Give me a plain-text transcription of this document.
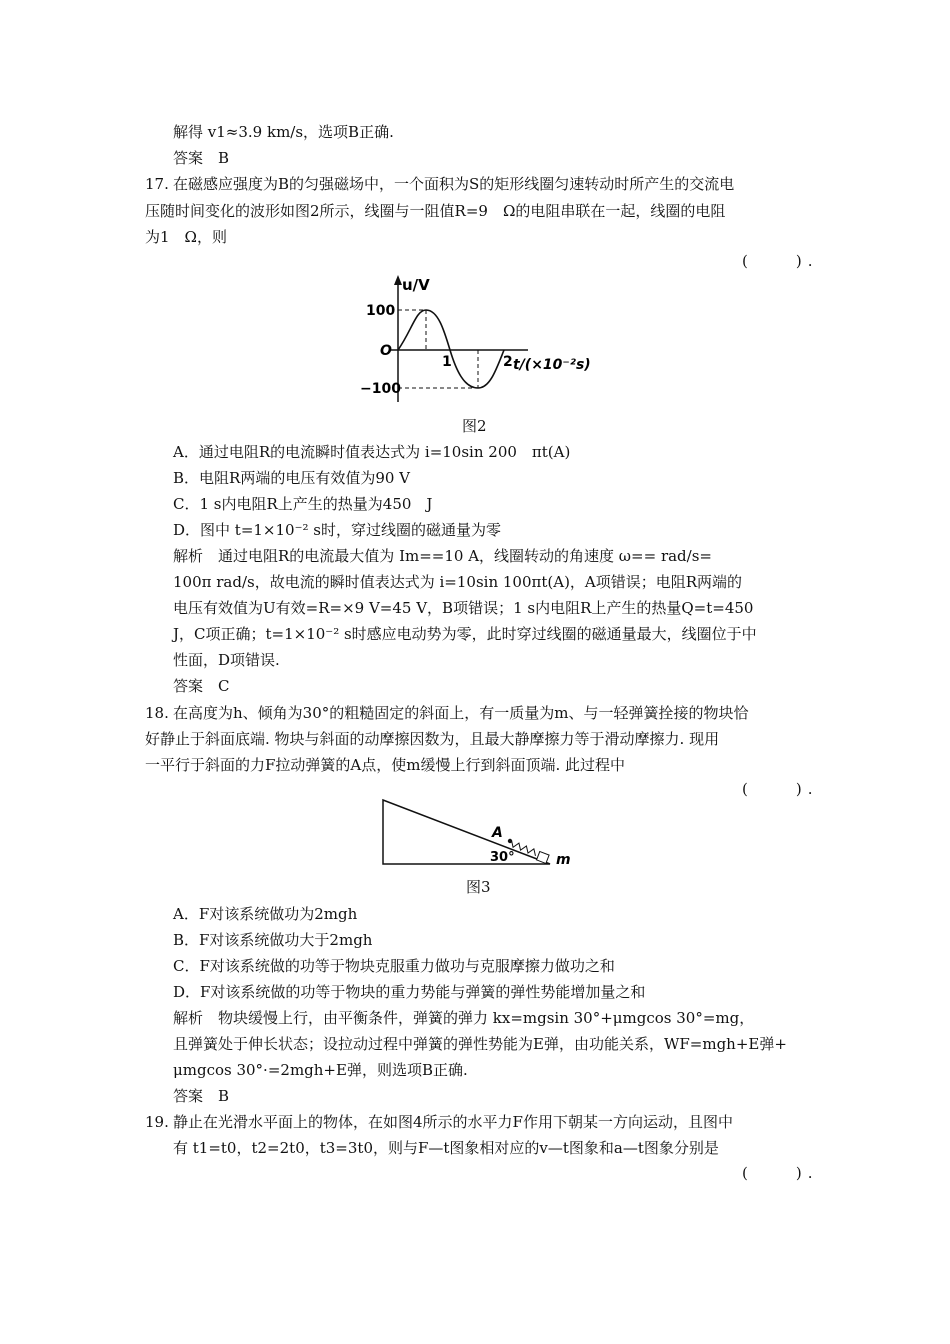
解得 v1≈3.9 km/s，选项B正确.
答案　B
17. 在磁感应强度为B的匀强磁场中，一个面积为S的矩形线圈匀速转动时所产生的交流电
压随时间变化的波形如图2所示，线圈与一阻值R=9　Ω的电阻串联在一起，线圈的电阻
为1　Ω，则
(　　).
u/V
100
O
−100
1	2 t/(×10⁻²s)
图2
A．通过电阻R的电流瞬时值表达式为 i=10sin 200　πt(A)
B．电阻R两端的电压有效值为90 V
C．1 s内电阻R上产生的热量为450　J
D．图中 t=1×10⁻² s时，穿过线圈的磁通量为零
解析　通过电阻R的电流最大值为 Im==10 A，线圈转动的角速度 ω== rad/s=
100π rad/s，故电流的瞬时值表达式为 i=10sin 100πt(A)，A项错误；电阻R两端的
电压有效值为U有效=R=×9 V=45 V，B项错误；1 s内电阻R上产生的热量Q=t=450
J，C项正确；t=1×10⁻² s时感应电动势为零，此时穿过线圈的磁通量最大，线圈位于中
性面，D项错误.
答案　C
18. 在高度为h、倾角为30°的粗糙固定的斜面上，有一质量为m、与一轻弹簧拴接的物块恰
好静止于斜面底端. 物块与斜面的动摩擦因数为，且最大静摩擦力等于滑动摩擦力. 现用
一平行于斜面的力F拉动弹簧的A点，使m缓慢上行到斜面顶端. 此过程中
(　　).
A
30°	m
图3
A．F对该系统做功为2mgh
B．F对该系统做功大于2mgh
C．F对该系统做的功等于物块克服重力做功与克服摩擦力做功之和
D．F对该系统做的功等于物块的重力势能与弹簧的弹性势能增加量之和
解析　物块缓慢上行，由平衡条件，弹簧的弹力 kx=mgsin 30°+μmgcos 30°=mg，
且弹簧处于伸长状态；设拉动过程中弹簧的弹性势能为E弹，由功能关系，WF=mgh+E弹+
μmgcos 30°·=2mgh+E弹，则选项B正确.
答案　B
19. 静止在光滑水平面上的物体，在如图4所示的水平力F作用下朝某一方向运动，且图中
有 t1=t0，t2=2t0，t3=3t0，则与F—t图象相对应的v—t图象和a—t图象分别是
(　　).
